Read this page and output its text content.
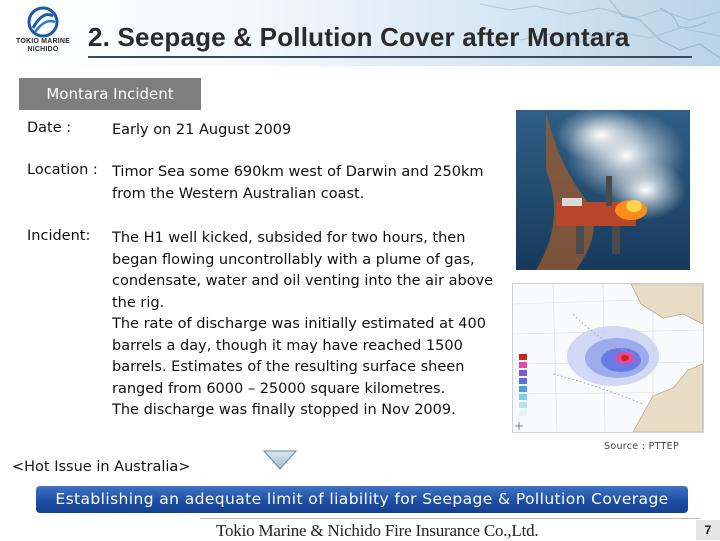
TOKIO MARINE
NICHIDO	2. Seepage & Pollution Cover after Montara
Montara Incident
Date :	Early on 21 August 2009
Location : Timor Sea some 690km west of Darwin and 250km from the Western Australian coast.
Incident: The H1 well kicked, subsided for two hours, then began flowing uncontrollably with a plume of gas, condensate, water and oil venting into the air above the rig.
The rate of discharge was initially estimated at 400 barrels a day, though it may have reached 1500 barrels. Estimates of the resulting surface sheen ranged from 6000 – 25000 square kilometres.
The discharge was finally stopped in Nov 2009.
Source : PTTEP
<Hot Issue in Australia>
Establishing an adequate limit of liability for Seepage & Pollution Coverage
Tokio Marine & Nichido Fire Insurance Co.,Ltd.	7
